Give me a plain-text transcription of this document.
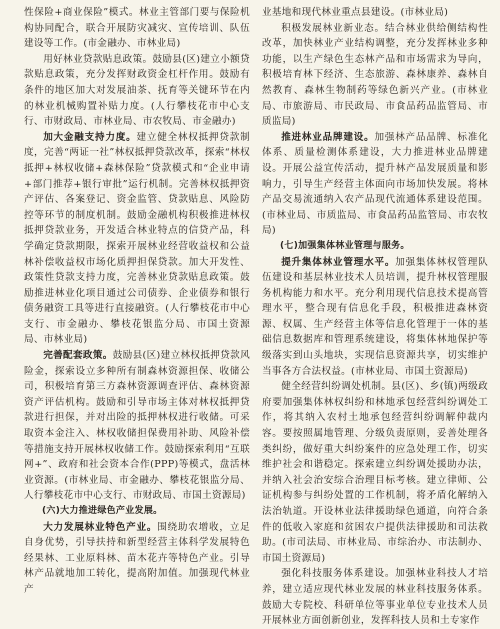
性保险+商业保险”模式。林业主管部门要与保险机构协同配合，联合开展防灾减灾、宣传培训、队伍建设等工作。(市金融办、市林业局)

用好林业贷款贴息政策。鼓励县(区)建立小额贷款贴息政策，充分发挥财政资金杠杆作用。鼓励有条件的地区加大对发展油茶、抚育等关键环节在内的林业机械购置补贴力度。(人行攀枝花市中心支行、市财政局、市林业局、市农牧局、市金融办)

加大金融支持力度。建立健全林权抵押贷款制度，完善“两证一社”林权抵押贷款改革，探索“林权抵押+林权收储+森林保险”贷款模式和“企业申请+部门推荐+银行审批”运行机制。完善林权抵押资产评估、各案登记、资金监管、贷款贴息、风险防控等环节的制度机制。鼓励金融机构积极推进林权抵押贷款业务，开发适合林业特点的信贷产品，科学确定贷款期限，探索开展林业经营收益权和公益林补偿收益权市场化质押担保贷款。加大开发性、政策性贷款支持力度，完善林业贷款贴息政策。鼓励推进林业化项目通过公司债券、企业债券和银行债务融资工具等进行直接融资。(人行攀枝花市中心支行、市金融办、攀枝花银监分局、市国土资源局、市林业局)

完善配套政策。鼓励县(区)建立林权抵押贷款风险金，探索设立多种所有制森林资源担保、收储公司，积极培育第三方森林资源调查评估、森林资源资产评估机构。鼓励和引导市场主体对林权抵押贷款进行担保，并对出险的抵押林权进行收储。可采取资本金注入、林权收储担保费用补助、风险补偿等措施支持开展林权收储工作。鼓励探索利用“互联网+”、政府和社会资本合作(PPP)等模式，盘活林业资源。(市林业局、市金融办、攀枝花银监分局、人行攀枝花市中心支行、市财政局、市国土资源局)

(六)大力推进绿色产业发展。

大力发展林业特色产业。围绕助农增收，立足自身优势，引导扶持和新型经营主体科学发展特色经果林、工业原料林、苗木花卉等特色产业。引导林产品就地加工转化，提高附加值。加强现代林业产

业基地和现代林业重点县建设。(市林业局)

积极发展林业新业态。结合林业供给侧结构性改革，加快林业产业结构调整，充分发挥林业多种功能，以生产绿色生态林产品和市场需求为导向，积极培育林下经济、生态旅游、森林康养、森林自然教育、森林生物制药等绿色新兴产业。(市林业局、市旅游局、市民政局、市食品药品监管局、市质监局)

推进林业品牌建设。加强林产品品牌、标准化体系、质量检测体系建设，大力推进林业品牌建设。开展公益宣传活动，提升林产品发展质量和影响力，引导生产经营主体面向市场加快发展。将林产品交易流通纳入农产品现代流通体系建设范围。(市林业局、市质监局、市食品药品监管局、市农牧局)

(七)加强集体林业管理与服务。

提升集体林业管理水平。加强集体林权管理队伍建设和基层林业技术人员培训，提升林权管理服务机构能力和水平。充分利用现代信息技术提高管理水平，整合现有信息化手段，积极推进森林资源、权属、生产经营主体等信息化管理于一体的基础信息数据库和管理系统建设，将集体林地保护等级落实到山头地块，实现信息资源共享，切实维护当事各方合法权益。(市林业局、市国土资源局)

健全经营纠纷调处机制。县(区)、乡(镇)两级政府要加强集体林权纠纷和林地承包经营纠纷调处工作，将其纳入农村土地承包经营纠纷调解仲裁内容。要按照属地管理、分级负责原则，妥善处理各类纠纷，做好重大纠纷案件的应急处理工作，切实维护社会和谐稳定。探索建立纠纷调处援助办法，并纳入社会治安综合治理目标考核。建立律师、公证机构参与纠纷处置的工作机制，将矛盾化解纳入法治轨道。开设林业法律援助绿色通道，向符合条件的低收入家庭和贫困农户提供法律援助和司法救助。(市司法局、市林业局、市综治办、市法制办、市国土资源局)

强化科技服务体系建设。加强林业科技人才培养，建立适应现代林业发展的林业科技服务体系。鼓励大专院校、科研单位等事业单位专业技术人员开展林业方面创新创业，发挥科技人员和土专家作
